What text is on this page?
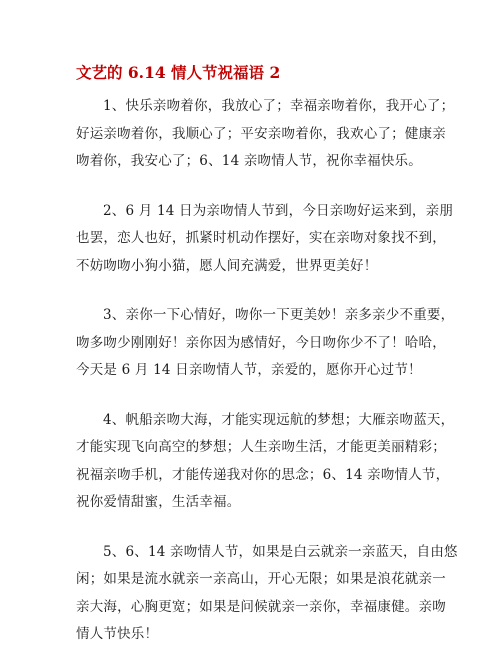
文艺的 6.14 情人节祝福语 2

1、快乐亲吻着你，我放心了；幸福亲吻着你，我开心了；
好运亲吻着你，我顺心了；平安亲吻着你，我欢心了；健康亲
吻着你，我安心了；6、14 亲吻情人节，祝你幸福快乐。

2、6 月 14 日为亲吻情人节到，今日亲吻好运来到，亲朋
也罢，恋人也好，抓紧时机动作摆好，实在亲吻对象找不到，
不妨吻吻小狗小猫，愿人间充满爱，世界更美好！

3、亲你一下心情好，吻你一下更美妙！亲多亲少不重要，
吻多吻少刚刚好！亲你因为感情好，今日吻你少不了！哈哈，
今天是 6 月 14 日亲吻情人节，亲爱的，愿你开心过节！

4、帆船亲吻大海，才能实现远航的梦想；大雁亲吻蓝天，
才能实现飞向高空的梦想；人生亲吻生活，才能更美丽精彩；
祝福亲吻手机，才能传递我对你的思念；6、14 亲吻情人节，
祝你爱情甜蜜，生活幸福。

5、6、14 亲吻情人节，如果是白云就亲一亲蓝天，自由悠
闲；如果是流水就亲一亲高山，开心无限；如果是浪花就亲一
亲大海，心胸更宽；如果是问候就亲一亲你，幸福康健。亲吻
情人节快乐！
